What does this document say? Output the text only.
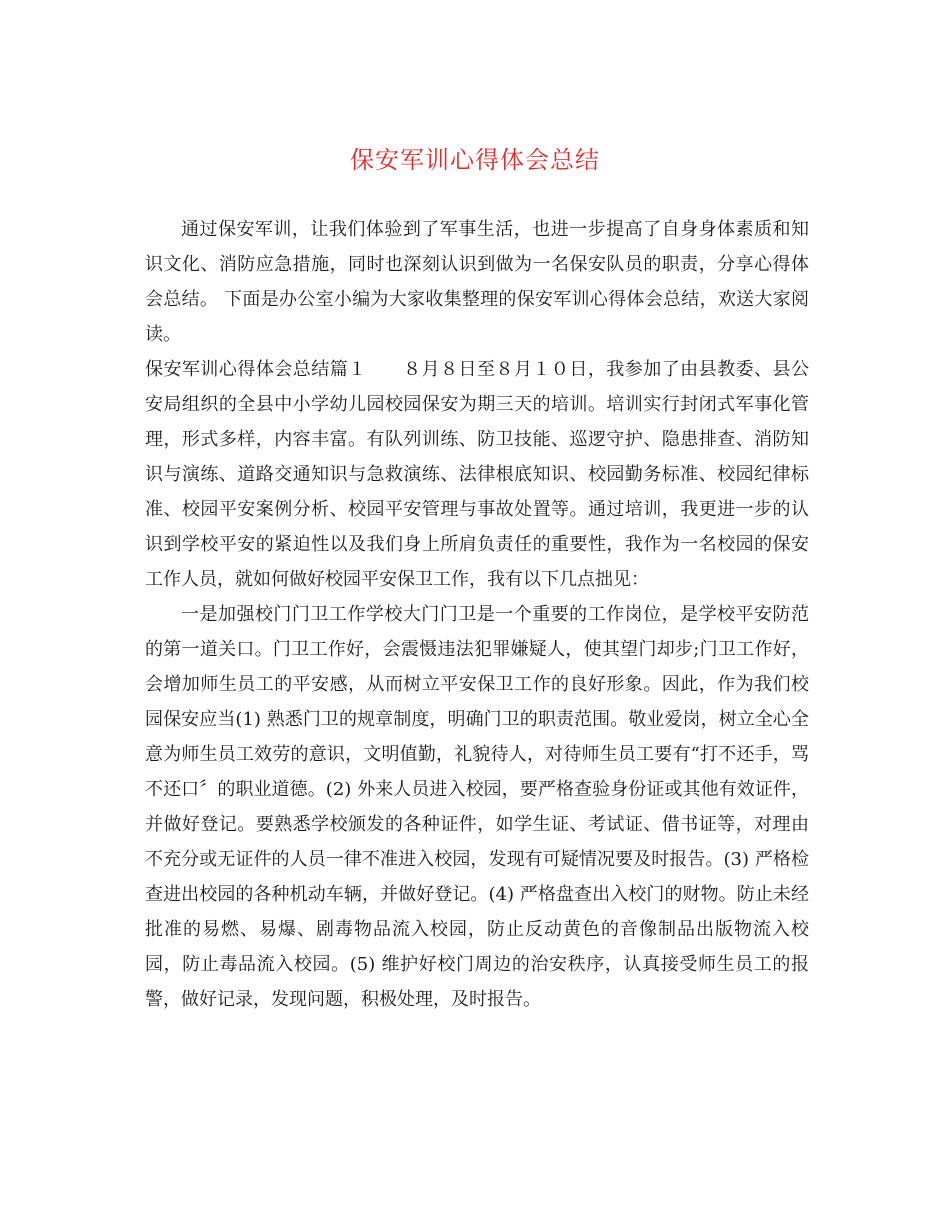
保安军训心得体会总结

通过保安军训，让我们体验到了军事生活，也进一步提高了自身身体素质和知识文化、消防应急措施，同时也深刻认识到做为一名保安队员的职责，分享心得体会总结。 下面是办公室小编为大家收集整理的保安军训心得体会总结，欢送大家阅读。

保安军训心得体会总结篇１ ８月８日至８月１０日，我参加了由县教委、县公安局组织的全县中小学幼儿园校园保安为期三天的培训。培训实行封闭式军事化管理，形式多样，内容丰富。有队列训练、防卫技能、巡逻守护、隐患排查、消防知识与演练、道路交通知识与急救演练、法律根底知识、校园勤务标准、校园纪律标准、校园平安案例分析、校园平安管理与事故处置等。通过培训，我更进一步的认识到学校平安的紧迫性以及我们身上所肩负责任的重要性，我作为一名校园的保安工作人员，就如何做好校园平安保卫工作，我有以下几点拙见：

一是加强校门门卫工作学校大门门卫是一个重要的工作岗位，是学校平安防范的第一道关口。门卫工作好，会震慑违法犯罪嫌疑人，使其望门却步;门卫工作好，会增加师生员工的平安感，从而树立平安保卫工作的良好形象。因此，作为我们校园保安应当(1) 熟悉门卫的规章制度，明确门卫的职责范围。敬业爱岗，树立全心全意为师生员工效劳的意识，文明值勤，礼貌待人，对待师生员工要有“打不还手，骂不还口〞的职业道德。(2) 外来人员进入校园，要严格查验身份证或其他有效证件，并做好登记。要熟悉学校颁发的各种证件，如学生证、考试证、借书证等，对理由不充分或无证件的人员一律不准进入校园，发现有可疑情况要及时报告。(3) 严格检查进出校园的各种机动车辆，并做好登记。(4) 严格盘查出入校门的财物。防止未经批准的易燃、易爆、剧毒物品流入校园，防止反动黄色的音像制品出版物流入校园，防止毒品流入校园。(5) 维护好校门周边的治安秩序，认真接受师生员工的报警，做好记录，发现问题，积极处理，及时报告。
